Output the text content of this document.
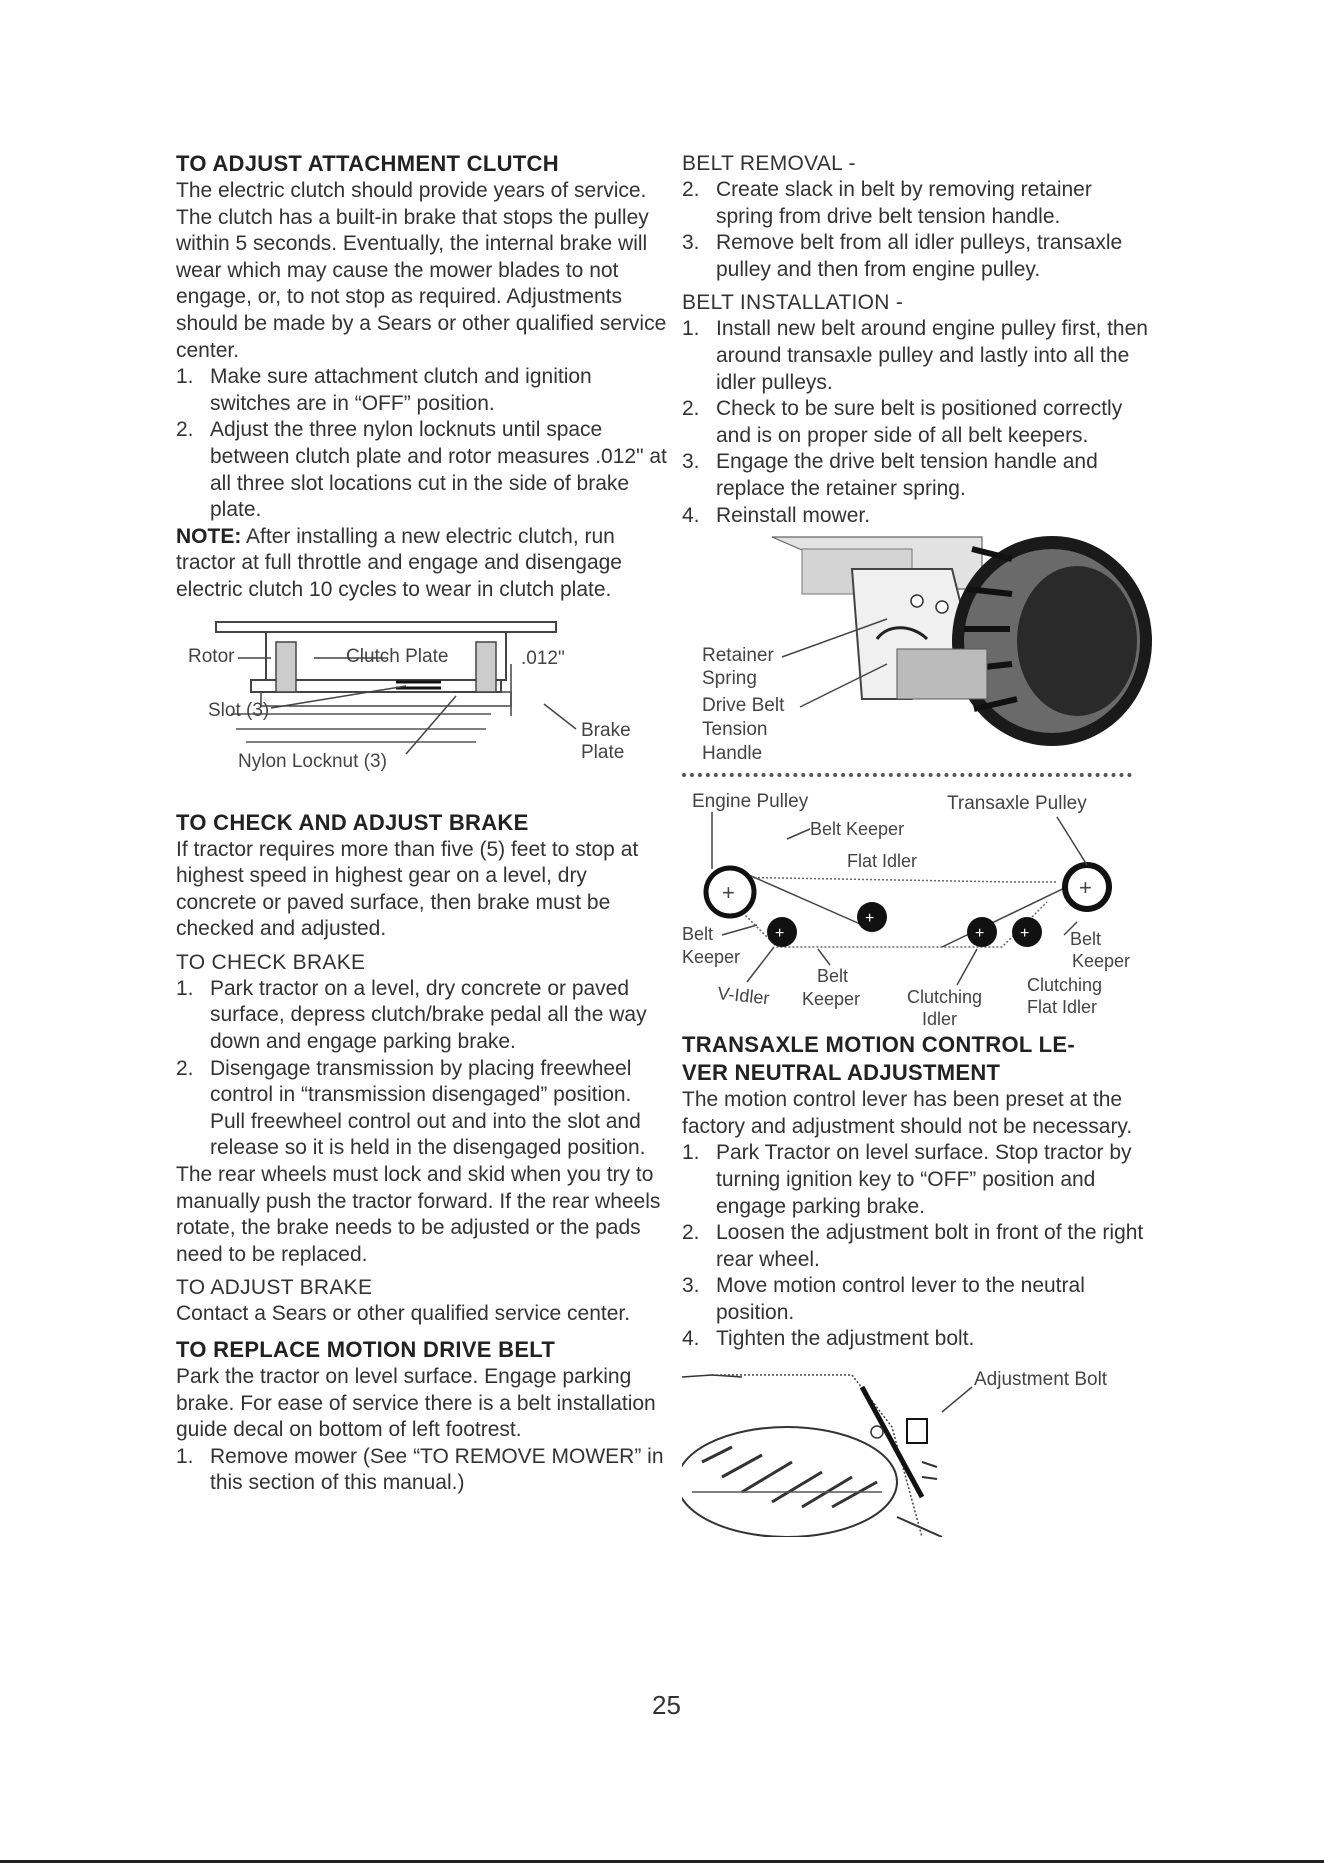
TO ADJUST ATTACHMENT CLUTCH

The electric clutch should provide years of service. The clutch has a built-in brake that stops the pulley within 5 seconds. Eventually, the internal brake will wear which may cause the mower blades to not engage, or, to not stop as required. Adjustments should be made by a Sears or other qualified service center.

1. Make sure attachment clutch and ignition switches are in “OFF” position.
2. Adjust the three nylon locknuts until space between clutch plate and rotor measures .012" at all three slot locations cut in the side of brake plate.

NOTE: After installing a new electric clutch, run tractor at full throttle and engage and disengage electric clutch 10 cycles to wear in clutch plate.

Clutch Plate
Rotor	.012"
Slot (3)
Brake
Plate
Nylon Locknut (3)
TO CHECK AND ADJUST BRAKE

If tractor requires more than five (5) feet to stop at highest speed in highest gear on a level, dry concrete or paved surface, then brake must be checked and adjusted.

TO CHECK BRAKE

1. Park tractor on a level, dry concrete or paved surface, depress clutch/brake pedal all the way down and engage parking brake.
2. Disengage transmission by placing freewheel control in “transmission disengaged” position. Pull freewheel control out and into the slot and release so it is held in the disengaged position.

The rear wheels must lock and skid when you try to manually push the tractor forward. If the rear wheels rotate, the brake needs to be adjusted or the pads need to be replaced.

TO ADJUST BRAKE

Contact a Sears or other qualified service center.

TO REPLACE MOTION DRIVE BELT

Park the tractor on level surface. Engage parking brake. For ease of service there is a belt installation guide decal on bottom of left footrest.

1. Remove mower (See “TO REMOVE MOWER” in this section of this manual.)

BELT REMOVAL -

2. Create slack in belt by removing retainer spring from drive belt tension handle.
3. Remove belt from all idler pulleys, transaxle pulley and then from engine pulley.

BELT INSTALLATION -

1. Install new belt around engine pulley first, then around transaxle pulley and lastly into all the idler pulleys.
2. Check to be sure belt is positioned correctly and is on proper side of all belt keepers.
3. Engage the drive belt tension handle and replace the retainer spring.
4. Reinstall mower.
Retainer
Spring
Drive Belt
Tension
Handle
Engine Pulley	Transaxle Pulley
Belt Keeper
Flat Idler
+	+
+
+
+ +
Belt
Keeper
Belt
Keeper
V-Idler
Belt
Keeper	Clutching
Idler
Clutching
Flat Idler
TRANSAXLE MOTION CONTROL LE-
VER NEUTRAL ADJUSTMENT

The motion control lever has been preset at the factory and adjustment should not be necessary.

1. Park Tractor on level surface. Stop tractor by turning ignition key to “OFF” position and engage parking brake.
2. Loosen the adjustment bolt in front of the right rear wheel.
3. Move motion control lever to the neutral position.
4. Tighten the adjustment bolt.
Adjustment Bolt
25
